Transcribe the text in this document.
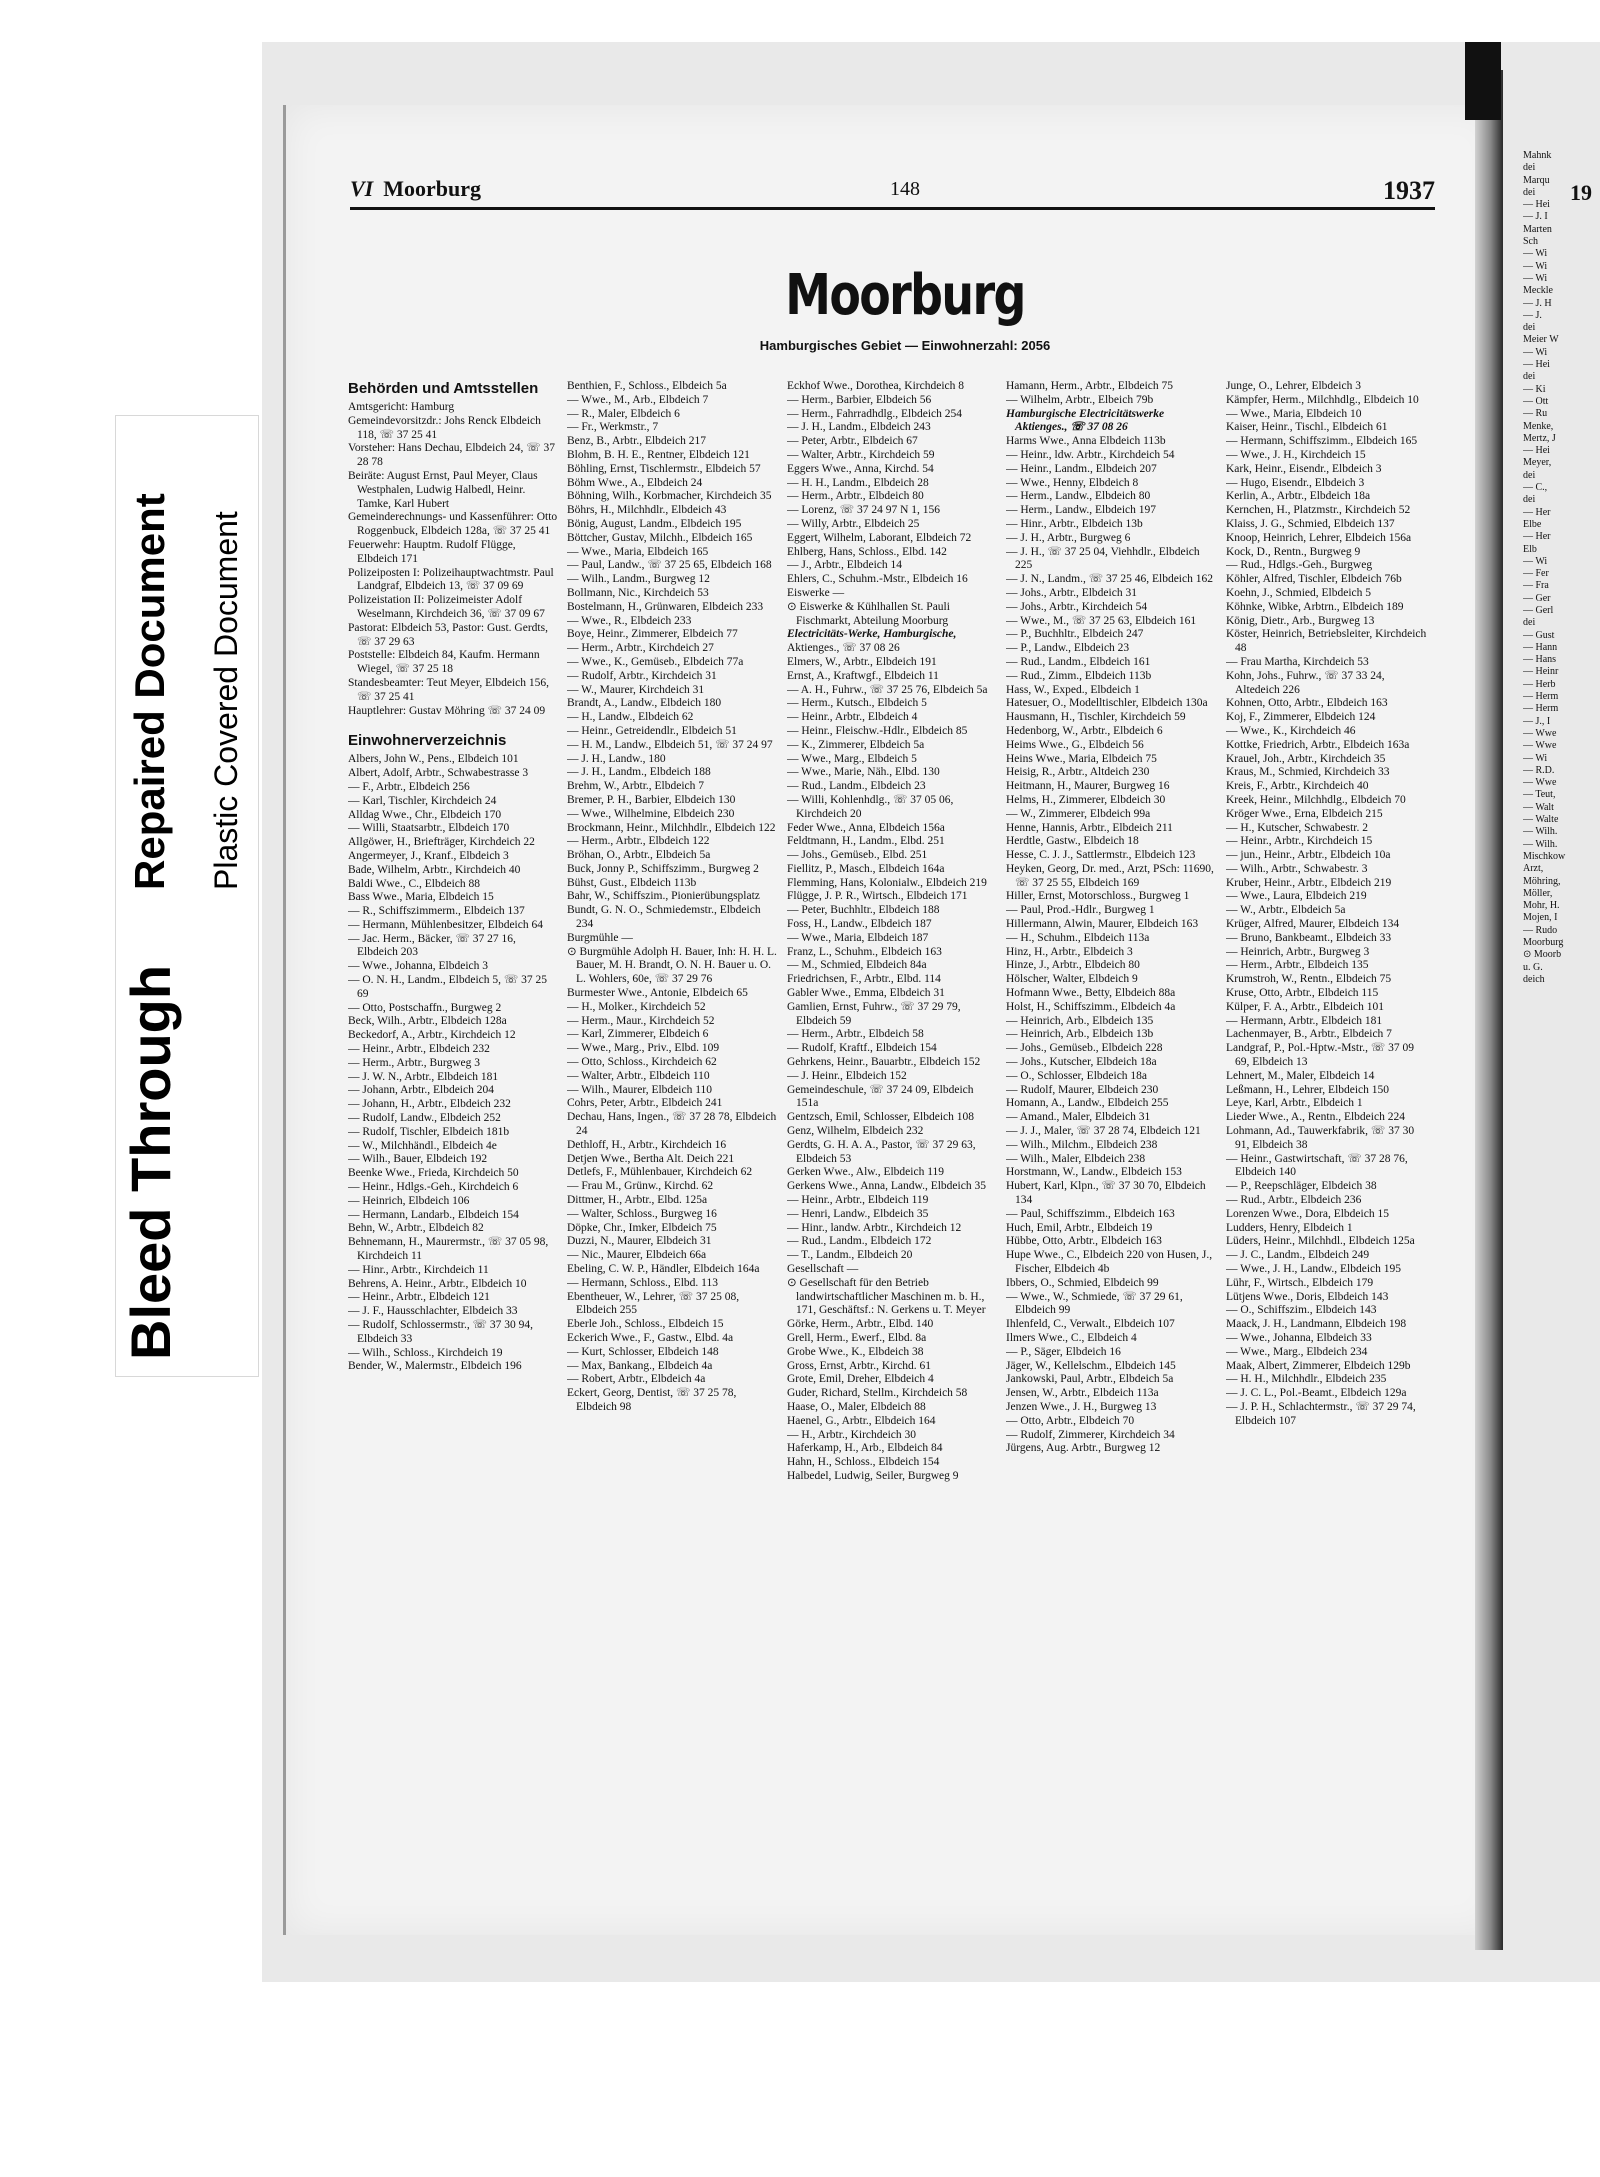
Bleed Through
Repaired Document Plastic Covered Document
VI Moorburg	148	1937
Moorburg
Hamburgisches Gebiet — Einwohnerzahl: 2056
Behörden und Amtsstellen
Amtsgericht: Hamburg
Gemeindevorsitzdr.: Johs Renck Elbdeich 118, ☏ 37 25 41
Vorsteher: Hans Dechau, Elbdeich 24, ☏ 37 28 78
Beiräte: August Ernst, Paul Meyer, Claus Westphalen, Ludwig Halbedl, Heinr. Tamke, Karl Hubert
Gemeinderechnungs- und Kassenführer: Otto Roggenbuck, Elbdeich 128a, ☏ 37 25 41
Feuerwehr: Hauptm. Rudolf Flügge, Elbdeich 171
Polizeiposten I: Polizeihauptwachtmstr. Paul Landgraf, Elbdeich 13, ☏ 37 09 69
Polizeistation II: Polizeimeister Adolf Weselmann, Kirchdeich 36, ☏ 37 09 67
Pastorat: Elbdeich 53, Pastor: Gust. Gerdts, ☏ 37 29 63
Poststelle: Elbdeich 84, Kaufm. Hermann Wiegel, ☏ 37 25 18
Standesbeamter: Teut Meyer, Elbdeich 156, ☏ 37 25 41
Hauptlehrer: Gustav Möhring ☏ 37 24 09
Einwohnerverzeichnis
Albers, John W., Pens., Elbdeich 101
Albert, Adolf, Arbtr., Schwabestrasse 3
— F., Arbtr., Elbdeich 256
— Karl, Tischler, Kirchdeich 24
Alldag Wwe., Chr., Elbdeich 170
— Willi, Staatsarbtr., Elbdeich 170
Allgöwer, H., Briefträger, Kirchdeich 22
Angermeyer, J., Kranf., Elbdeich 3
Bade, Wilhelm, Arbtr., Kirchdeich 40
Baldi Wwe., C., Elbdeich 88
Bass Wwe., Maria, Elbdeich 15
— R., Schiffszimmerm., Elbdeich 137
— Hermann, Mühlenbesitzer, Elbdeich 64
— Jac. Herm., Bäcker, ☏ 37 27 16, Elbdeich 203
— Wwe., Johanna, Elbdeich 3
— O. N. H., Landm., Elbdeich 5, ☏ 37 25 69
— Otto, Postschaffn., Burgweg 2
Beck, Wilh., Arbtr., Elbdeich 128a
Beckedorf, A., Arbtr., Kirchdeich 12
— Heinr., Arbtr., Elbdeich 232
— Herm., Arbtr., Burgweg 3
— J. W. N., Arbtr., Elbdeich 181
— Johann, Arbtr., Elbdeich 204
— Johann, H., Arbtr., Elbdeich 232
— Rudolf, Landw., Elbdeich 252
— Rudolf, Tischler, Elbdeich 181b
— W., Milchhändl., Elbdeich 4e
— Wilh., Bauer, Elbdeich 192
Beenke Wwe., Frieda, Kirchdeich 50
— Heinr., Hdlgs.-Geh., Kirchdeich 6
— Heinrich, Elbdeich 106
— Hermann, Landarb., Elbdeich 154
Behn, W., Arbtr., Elbdeich 82
Behnemann, H., Maurermstr., ☏ 37 05 98, Kirchdeich 11
— Hinr., Arbtr., Kirchdeich 11
Behrens, A. Heinr., Arbtr., Elbdeich 10
— Heinr., Arbtr., Elbdeich 121
— J. F., Hausschlachter, Elbdeich 33
— Rudolf, Schlossermstr., ☏ 37 30 94, Elbdeich 33
— Wilh., Schloss., Kirchdeich 19
Bender, W., Malermstr., Elbdeich 196
Benthien, F., Schloss., Elbdeich 5a
— Wwe., M., Arb., Elbdeich 7
— R., Maler, Elbdeich 6
— Fr., Werkmstr., 7
Benz, B., Arbtr., Elbdeich 217
Blohm, B. H. E., Rentner, Elbdeich 121
Böhling, Ernst, Tischlermstr., Elbdeich 57
Böhm Wwe., A., Elbdeich 24
Böhning, Wilh., Korbmacher, Kirchdeich 35
Böhrs, H., Milchhdlr., Elbdeich 43
Bönig, August, Landm., Elbdeich 195
Böttcher, Gustav, Milchh., Elbdeich 165
— Wwe., Maria, Elbdeich 165
— Paul, Landw., ☏ 37 25 65, Elbdeich 168
— Wilh., Landm., Burgweg 12
Bollmann, Nic., Kirchdeich 53
Bostelmann, H., Grünwaren, Elbdeich 233
— Wwe., R., Elbdeich 233
Boye, Heinr., Zimmerer, Elbdeich 77
— Herm., Arbtr., Kirchdeich 27
— Wwe., K., Gemüseb., Elbdeich 77a
— Rudolf, Arbtr., Kirchdeich 31
— W., Maurer, Kirchdeich 31
Brandt, A., Landw., Elbdeich 180
— H., Landw., Elbdeich 62
— Heinr., Getreidendlr., Elbdeich 51
— H. M., Landw., Elbdeich 51, ☏ 37 24 97
— J. H., Landw., 180
— J. H., Landm., Elbdeich 188
Brehm, W., Arbtr., Elbdeich 7
Bremer, P. H., Barbier, Elbdeich 130
— Wwe., Wilhelmine, Elbdeich 230
Brockmann, Heinr., Milchhdlr., Elbdeich 122
— Herm., Arbtr., Elbdeich 122
Bröhan, O., Arbtr., Elbdeich 5a
Buck, Jonny P., Schiffszimm., Burgweg 2
Bühst, Gust., Elbdeich 113b
Bahr, W., Schiffszim., Pionierübungsplatz
Bundt, G. N. O., Schmiedemstr., Elbdeich 234
Burgmühle —
⊙ Burgmühle Adolph H. Bauer, Inh: H. H. L. Bauer, M. H. Brandt, O. N. H. Bauer u. O. L. Wohlers, 60e, ☏ 37 29 76
Burmester Wwe., Antonie, Elbdeich 65
— H., Molker., Kirchdeich 52
— Herm., Maur., Kirchdeich 52
— Karl, Zimmerer, Elbdeich 6
— Wwe., Marg., Priv., Elbd. 109
— Otto, Schloss., Kirchdeich 62
— Walter, Arbtr., Elbdeich 110
— Wilh., Maurer, Elbdeich 110
Cohrs, Peter, Arbtr., Elbdeich 241
Dechau, Hans, Ingen., ☏ 37 28 78, Elbdeich 24
Dethloff, H., Arbtr., Kirchdeich 16
Detjen Wwe., Bertha Alt. Deich 221
Detlefs, F., Mühlenbauer, Kirchdeich 62
— Frau M., Grünw., Kirchd. 62
Dittmer, H., Arbtr., Elbd. 125a
— Walter, Schloss., Burgweg 16
Döpke, Chr., Imker, Elbdeich 75
Duzzi, N., Maurer, Elbdeich 31
— Nic., Maurer, Elbdeich 66a
Ebeling, C. W. P., Händler, Elbdeich 164a
— Hermann, Schloss., Elbd. 113
Ebentheuer, W., Lehrer, ☏ 37 25 08, Elbdeich 255
Eberle Joh., Schloss., Elbdeich 15
Eckerich Wwe., F., Gastw., Elbd. 4a
— Kurt, Schlosser, Elbdeich 148
— Max, Bankang., Elbdeich 4a
— Robert, Arbtr., Elbdeich 4a
Eckert, Georg, Dentist, ☏ 37 25 78, Elbdeich 98
Eckhof Wwe., Dorothea, Kirchdeich 8
— Herm., Barbier, Elbdeich 56
— Herm., Fahrradhdlg., Elbdeich 254
— J. H., Landm., Elbdeich 243
— Peter, Arbtr., Elbdeich 67
— Walter, Arbtr., Kirchdeich 59
Eggers Wwe., Anna, Kirchd. 54
— H. H., Landm., Elbdeich 28
— Herm., Arbtr., Elbdeich 80
— Lorenz, ☏ 37 24 97 N 1, 156
— Willy, Arbtr., Elbdeich 25
Eggert, Wilhelm, Laborant, Elbdeich 72
Ehlberg, Hans, Schloss., Elbd. 142
— J., Arbtr., Elbdeich 14
Ehlers, C., Schuhm.-Mstr., Elbdeich 16
Eiswerke —
⊙ Eiswerke & Kühlhallen St. Pauli Fischmarkt, Abteilung Moorburg
Electricitäts-Werke, Hamburgische,
Aktienges., ☏ 37 08 26
Elmers, W., Arbtr., Elbdeich 191
Ernst, A., Kraftwgf., Elbdeich 11
— A. H., Fuhrw., ☏ 37 25 76, Elbdeich 5a
— Herm., Kutsch., Elbdeich 5
— Heinr., Arbtr., Elbdeich 4
— Heinr., Fleischw.-Hdlr., Elbdeich 85
— K., Zimmerer, Elbdeich 5a
— Wwe., Marg., Elbdeich 5
— Wwe., Marie, Näh., Elbd. 130
— Rud., Landm., Elbdeich 23
— Willi, Kohlenhdlg., ☏ 37 05 06, Kirchdeich 20
Feder Wwe., Anna, Elbdeich 156a
Feldtmann, H., Landm., Elbd. 251
— Johs., Gemüseb., Elbd. 251
Fiellitz, P., Masch., Elbdeich 164a
Flemming, Hans, Kolonialw., Elbdeich 219
Flügge, J. P. R., Wirtsch., Elbdeich 171
— Peter, Buchhltr., Elbdeich 188
Foss, H., Landw., Elbdeich 187
— Wwe., Maria, Elbdeich 187
Franz, L., Schuhm., Elbdeich 163
— M., Schmied, Elbdeich 84a
Friedrichsen, F., Arbtr., Elbd. 114
Gabler Wwe., Emma, Elbdeich 31
Gamlien, Ernst, Fuhrw., ☏ 37 29 79, Elbdeich 59
— Herm., Arbtr., Elbdeich 58
— Rudolf, Kraftf., Elbdeich 154
Gehrkens, Heinr., Bauarbtr., Elbdeich 152
— J. Heinr., Elbdeich 152
Gemeindeschule, ☏ 37 24 09, Elbdeich 151a
Gentzsch, Emil, Schlosser, Elbdeich 108
Genz, Wilhelm, Elbdeich 232
Gerdts, G. H. A. A., Pastor, ☏ 37 29 63, Elbdeich 53
Gerken Wwe., Alw., Elbdeich 119
Gerkens Wwe., Anna, Landw., Elbdeich 35
— Heinr., Arbtr., Elbdeich 119
— Henri, Landw., Elbdeich 35
— Hinr., landw. Arbtr., Kirchdeich 12
— Rud., Landm., Elbdeich 172
— T., Landm., Elbdeich 20
Gesellschaft —
⊙ Gesellschaft für den Betrieb landwirtschaftlicher Maschinen m. b. H., 171, Geschäftsf.: N. Gerkens u. T. Meyer
Görke, Herm., Arbtr., Elbd. 140
Grell, Herm., Ewerf., Elbd. 8a
Grobe Wwe., K., Elbdeich 38
Gross, Ernst, Arbtr., Kirchd. 61
Grote, Emil, Dreher, Elbdeich 4
Guder, Richard, Stellm., Kirchdeich 58
Haase, O., Maler, Elbdeich 88
Haenel, G., Arbtr., Elbdeich 164
— H., Arbtr., Kirchdeich 30
Haferkamp, H., Arb., Elbdeich 84
Hahn, H., Schloss., Elbdeich 154
Halbedel, Ludwig, Seiler, Burgweg 9
Hamann, Herm., Arbtr., Elbdeich 75
— Wilhelm, Arbtr., Elbeich 79b
Hamburgische Electricitätswerke Aktienges., ☏ 37 08 26
Harms Wwe., Anna Elbdeich 113b
— Heinr., ldw. Arbtr., Kirchdeich 54
— Heinr., Landm., Elbdeich 207
— Wwe., Henny, Elbdeich 8
— Herm., Landw., Elbdeich 80
— Herm., Landw., Elbdeich 197
— Hinr., Arbtr., Elbdeich 13b
— J. H., Arbtr., Burgweg 6
— J. H., ☏ 37 25 04, Viehhdlr., Elbdeich 225
— J. N., Landm., ☏ 37 25 46, Elbdeich 162
— Johs., Arbtr., Elbdeich 31
— Johs., Arbtr., Kirchdeich 54
— Wwe., M., ☏ 37 25 63, Elbdeich 161
— P., Buchhltr., Elbdeich 247
— P., Landw., Elbdeich 23
— Rud., Landm., Elbdeich 161
— Rud., Zimm., Elbdeich 113b
Hass, W., Exped., Elbdeich 1
Hatesuer, O., Modelltischler, Elbdeich 130a
Hausmann, H., Tischler, Kirchdeich 59
Hedenborg, W., Arbtr., Elbdeich 6
Heims Wwe., G., Elbdeich 56
Heins Wwe., Maria, Elbdeich 75
Heisig, R., Arbtr., Altdeich 230
Heitmann, H., Maurer, Burgweg 16
Helms, H., Zimmerer, Elbdeich 30
— W., Zimmerer, Elbdeich 99a
Henne, Hannis, Arbtr., Elbdeich 211
Herdtle, Gastw., Elbdeich 18
Hesse, C. J. J., Sattlermstr., Elbdeich 123
Heyken, Georg, Dr. med., Arzt, PSch: 11690, ☏ 37 25 55, Elbdeich 169
Hiller, Ernst, Motorschloss., Burgweg 1
— Paul, Prod.-Hdlr., Burgweg 1
Hillermann, Alwin, Maurer, Elbdeich 163
— H., Schuhm., Elbdeich 113a
Hinz, H., Arbtr., Elbdeich 3
Hinze, J., Arbtr., Elbdeich 80
Hölscher, Walter, Elbdeich 9
Hofmann Wwe., Betty, Elbdeich 88a
Holst, H., Schiffszimm., Elbdeich 4a
— Heinrich, Arb., Elbdeich 135
— Heinrich, Arb., Elbdeich 13b
— Johs., Gemüseb., Elbdeich 228
— Johs., Kutscher, Elbdeich 18a
— O., Schlosser, Elbdeich 18a
— Rudolf, Maurer, Elbdeich 230
Homann, A., Landw., Elbdeich 255
— Amand., Maler, Elbdeich 31
— J. J., Maler, ☏ 37 28 74, Elbdeich 121
— Wilh., Milchm., Elbdeich 238
— Wilh., Maler, Elbdeich 238
Horstmann, W., Landw., Elbdeich 153
Hubert, Karl, Klpn., ☏ 37 30 70, Elbdeich 134
— Paul, Schiffszimm., Elbdeich 163
Huch, Emil, Arbtr., Elbdeich 19
Hübbe, Otto, Arbtr., Elbdeich 163
Hupe Wwe., C., Elbdeich 220 von Husen, J., Fischer, Elbdeich 4b
Ibbers, O., Schmied, Elbdeich 99
— Wwe., W., Schmiede, ☏ 37 29 61, Elbdeich 99
Ihlenfeld, C., Verwalt., Elbdeich 107
Ilmers Wwe., C., Elbdeich 4
— P., Säger, Elbdeich 16
Jäger, W., Kellelschm., Elbdeich 145
Jankowski, Paul, Arbtr., Elbdeich 5a
Jensen, W., Arbtr., Elbdeich 113a
Jenzen Wwe., J. H., Burgweg 13
— Otto, Arbtr., Elbdeich 70
— Rudolf, Zimmerer, Kirchdeich 34
Jürgens, Aug. Arbtr., Burgweg 12
Junge, O., Lehrer, Elbdeich 3
Kämpfer, Herm., Milchhdlg., Elbdeich 10
— Wwe., Maria, Elbdeich 10
Kaiser, Heinr., Tischl., Elbdeich 61
— Hermann, Schiffszimm., Elbdeich 165
— Wwe., J. H., Kirchdeich 15
Kark, Heinr., Eisendr., Elbdeich 3
— Hugo, Eisendr., Elbdeich 3
Kerlin, A., Arbtr., Elbdeich 18a
Kernchen, H., Platzmstr., Kirchdeich 52
Klaiss, J. G., Schmied, Elbdeich 137
Knoop, Heinrich, Lehrer, Elbdeich 156a
Kock, D., Rentn., Burgweg 9
— Rud., Hdlgs.-Geh., Burgweg
Köhler, Alfred, Tischler, Elbdeich 76b
Koehn, J., Schmied, Elbdeich 5
Köhnke, Wibke, Arbtrn., Elbdeich 189
König, Dietr., Arb., Burgweg 13
Köster, Heinrich, Betriebsleiter, Kirchdeich 48
— Frau Martha, Kirchdeich 53
Kohn, Johs., Fuhrw., ☏ 37 33 24, Altedeich 226
Kohnen, Otto, Arbtr., Elbdeich 163
Koj, F., Zimmerer, Elbdeich 124
— Wwe., K., Kirchdeich 46
Kottke, Friedrich, Arbtr., Elbdeich 163a
Krauel, Joh., Arbtr., Kirchdeich 35
Kraus, M., Schmied, Kirchdeich 33
Kreis, F., Arbtr., Kirchdeich 40
Kreek, Heinr., Milchhdlg., Elbdeich 70
Kröger Wwe., Erna, Elbdeich 215
— H., Kutscher, Schwabestr. 2
— Heinr., Arbtr., Kirchdeich 15
— jun., Heinr., Arbtr., Elbdeich 10a
— Wilh., Arbtr., Schwabestr. 3
Kruber, Heinr., Arbtr., Elbdeich 219
— Wwe., Laura, Elbdeich 219
— W., Arbtr., Elbdeich 5a
Krüger, Alfred, Maurer, Elbdeich 134
— Bruno, Bankbeamt., Elbdeich 33
— Heinrich, Arbtr., Burgweg 3
— Herm., Arbtr., Elbdeich 135
Krumstroh, W., Rentn., Elbdeich 75
Kruse, Otto, Arbtr., Elbdeich 115
Külper, F. A., Arbtr., Elbdeich 101
— Hermann, Arbtr., Elbdeich 181
Lachenmayer, B., Arbtr., Elbdeich 7
Landgraf, P., Pol.-Hptw.-Mstr., ☏ 37 09 69, Elbdeich 13
Lehnert, M., Maler, Elbdeich 14
Leßmann, H., Lehrer, Elbdeich 150
Leye, Karl, Arbtr., Elbdeich 1
Lieder Wwe., A., Rentn., Elbdeich 224
Lohmann, Ad., Tauwerkfabrik, ☏ 37 30 91, Elbdeich 38
— Heinr., Gastwirtschaft, ☏ 37 28 76, Elbdeich 140
— P., Reepschläger, Elbdeich 38
— Rud., Arbtr., Elbdeich 236
Lorenzen Wwe., Dora, Elbdeich 15
Ludders, Henry, Elbdeich 1
Lüders, Heinr., Milchhdl., Elbdeich 125a
— J. C., Landm., Elbdeich 249
— Wwe., J. H., Landw., Elbdeich 195
Lühr, F., Wirtsch., Elbdeich 179
Lütjens Wwe., Doris, Elbdeich 143
— O., Schiffszim., Elbdeich 143
Maack, J. H., Landmann, Elbdeich 198
— Wwe., Johanna, Elbdeich 33
— Wwe., Marg., Elbdeich 234
Maak, Albert, Zimmerer, Elbdeich 129b
— H. H., Milchhdlr., Elbdeich 235
— J. C. L., Pol.-Beamt., Elbdeich 129a
— J. P. H., Schlachtermstr., ☏ 37 29 74, Elbdeich 107
19
Mahnk
dei
Marqu
dei
— Hei
— J. I
Marten
Sch
— Wi
— Wi
— Wi
Meckle
— J. H
— J.
dei
Meier W
— Wi
— Hei
dei
— Ki
— Ott
— Ru
Menke,
Mertz, J
— Hei
Meyer,
dei
— C.,
dei
— Her
Elbe
— Her
Elb
— Wi
— Fer
— Fra
— Ger
— Gerl
dei
— Gust
— Hann
— Hans
— Heinr
— Herb
— Herm
— Herm
— J., I
— Wwe
— Wwe
— Wi
— R.D.
— Wwe
— Teut,
— Walt
— Walte
— Wilh.
— Wilh.
Mischkow
Arzt,
Möhring,
Möller,
Mohr, H.
Mojen, I
— Rudo
Moorburg
⊙ Moorb
u. G.
deich
